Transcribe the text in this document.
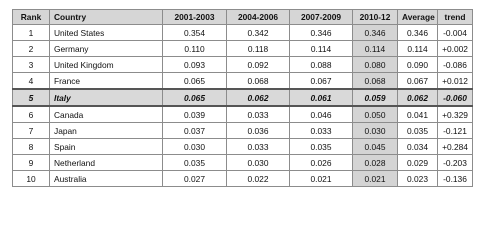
Rank	Country	2001-2003	2004-2006	2007-2009	2010-12	Average	trend
1	United States	0.354	0.342	0.346	0.346	0.346	-0.004
2	Germany	0.110	0.118	0.114	0.114	0.114	+0.002
3	United Kingdom	0.093	0.092	0.088	0.080	0.090	-0.086
4	France	0.065	0.068	0.067	0.068	0.067	+0.012
5	Italy	0.065	0.062	0.061	0.059	0.062	-0.060
6	Canada	0.039	0.033	0.046	0.050	0.041	+0.329
7	Japan	0.037	0.036	0.033	0.030	0.035	-0.121
8	Spain	0.030	0.033	0.035	0.045	0.034	+0.284
9	Netherland	0.035	0.030	0.026	0.028	0.029	-0.203
10	Australia	0.027	0.022	0.021	0.021	0.023	-0.136
